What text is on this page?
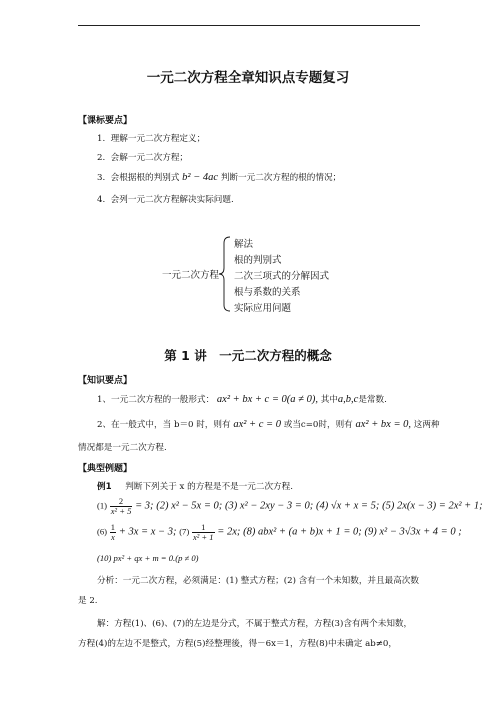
一元二次方程全章知识点专题复习
【课标要点】
1. 理解一元二次方程定义；
2. 会解一元二次方程；
3. 会根据根的判别式 b² − 4ac 判断一元二次方程的根的情况；
4. 会列一元二次方程解决实际问题.
一元二次方程
解法
根的判别式
二次三项式的分解因式
根与系数的关系
实际应用问题
第 1 讲　一元二次方程的概念
【知识要点】
1、一元二次方程的一般形式： ax² + bx + c = 0(a ≠ 0), 其中a,b,c是常数.
2、在一般式中，当 b＝0 时，则有 ax² + c = 0 或当c=0时，则有 ax² + bx = 0, 这两种
情况都是一元二次方程.
【典型例题】
例1 判断下列关于 x 的方程是不是一元二次方程.
$(1) \frac{2}{\text{x² + 5}} = 3$; (2) x² − 5x = 0; (3) x² − 2xy − 3 = 0; (4) √x + x = 5; (5) 2x(x − 3) = 2x² + 1;
$(6) \frac{1}{x} + 3x = x - 3$; $(7) \frac{1}{\text{x² + 1}} = 2x$; (8) abx² + (a + b)x + 1 = 0; (9) x² − 3√3x + 4 = 0 ;
(10) px² + qx + m = 0.(p ≠ 0)
分析：一元二次方程，必须满足：(1) 整式方程；(2) 含有一个未知数，并且最高次数
是 2.
解：方程(1)、(6)、(7)的左边是分式，不属于整式方程，方程(3)含有两个未知数，
方程(4)的左边不是整式，方程(5)经整理後，得－6x＝1，方程(8)中未确定 ab≠0，
